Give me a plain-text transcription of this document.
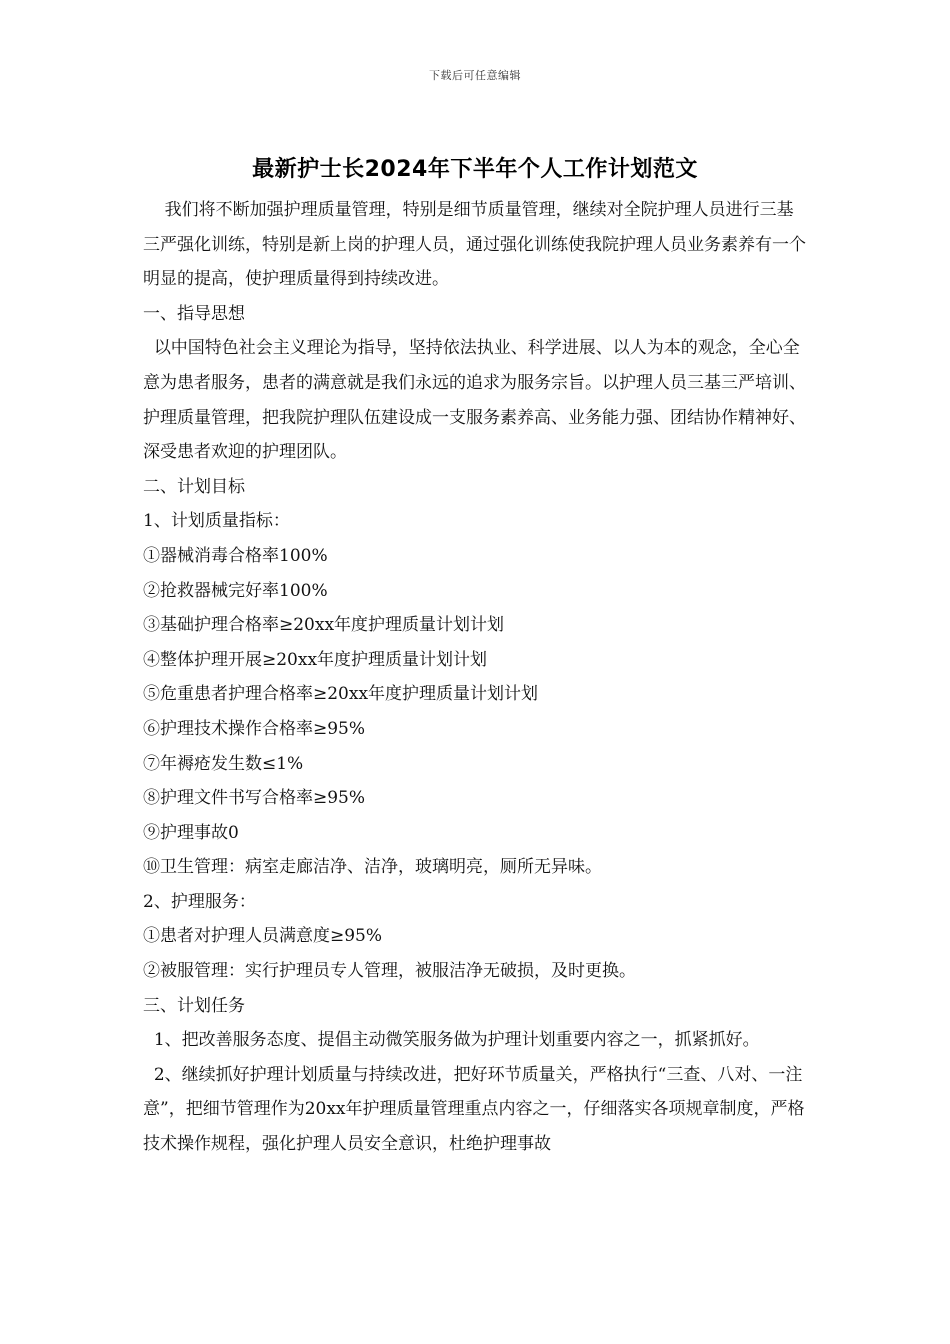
下载后可任意编辑
最新护士长2024年下半年个人工作计划范文

我们将不断加强护理质量管理，特别是细节质量管理，继续对全院护理人员进行三基三严强化训练，特别是新上岗的护理人员，通过强化训练使我院护理人员业务素养有一个明显的提高，使护理质量得到持续改进。

一、指导思想

以中国特色社会主义理论为指导，坚持依法执业、科学进展、以人为本的观念，全心全意为患者服务，患者的满意就是我们永远的追求为服务宗旨。以护理人员三基三严培训、护理质量管理，把我院护理队伍建设成一支服务素养高、业务能力强、团结协作精神好、深受患者欢迎的护理团队。

二、计划目标

1、计划质量指标：

①器械消毒合格率100%

②抢救器械完好率100%

③基础护理合格率≥20xx年度护理质量计划计划

④整体护理开展≥20xx年度护理质量计划计划

⑤危重患者护理合格率≥20xx年度护理质量计划计划

⑥护理技术操作合格率≥95%

⑦年褥疮发生数≤1%

⑧护理文件书写合格率≥95%

⑨护理事故0

⑩卫生管理：病室走廊洁净、洁净，玻璃明亮，厕所无异味。

2、护理服务：

①患者对护理人员满意度≥95%

②被服管理：实行护理员专人管理，被服洁净无破损，及时更换。

三、计划任务

1、把改善服务态度、提倡主动微笑服务做为护理计划重要内容之一，抓紧抓好。

2、继续抓好护理计划质量与持续改进，把好环节质量关，严格执行“三查、八对、一注意”，把细节管理作为20xx年护理质量管理重点内容之一，仔细落实各项规章制度，严格技术操作规程，强化护理人员安全意识，杜绝护理事故
